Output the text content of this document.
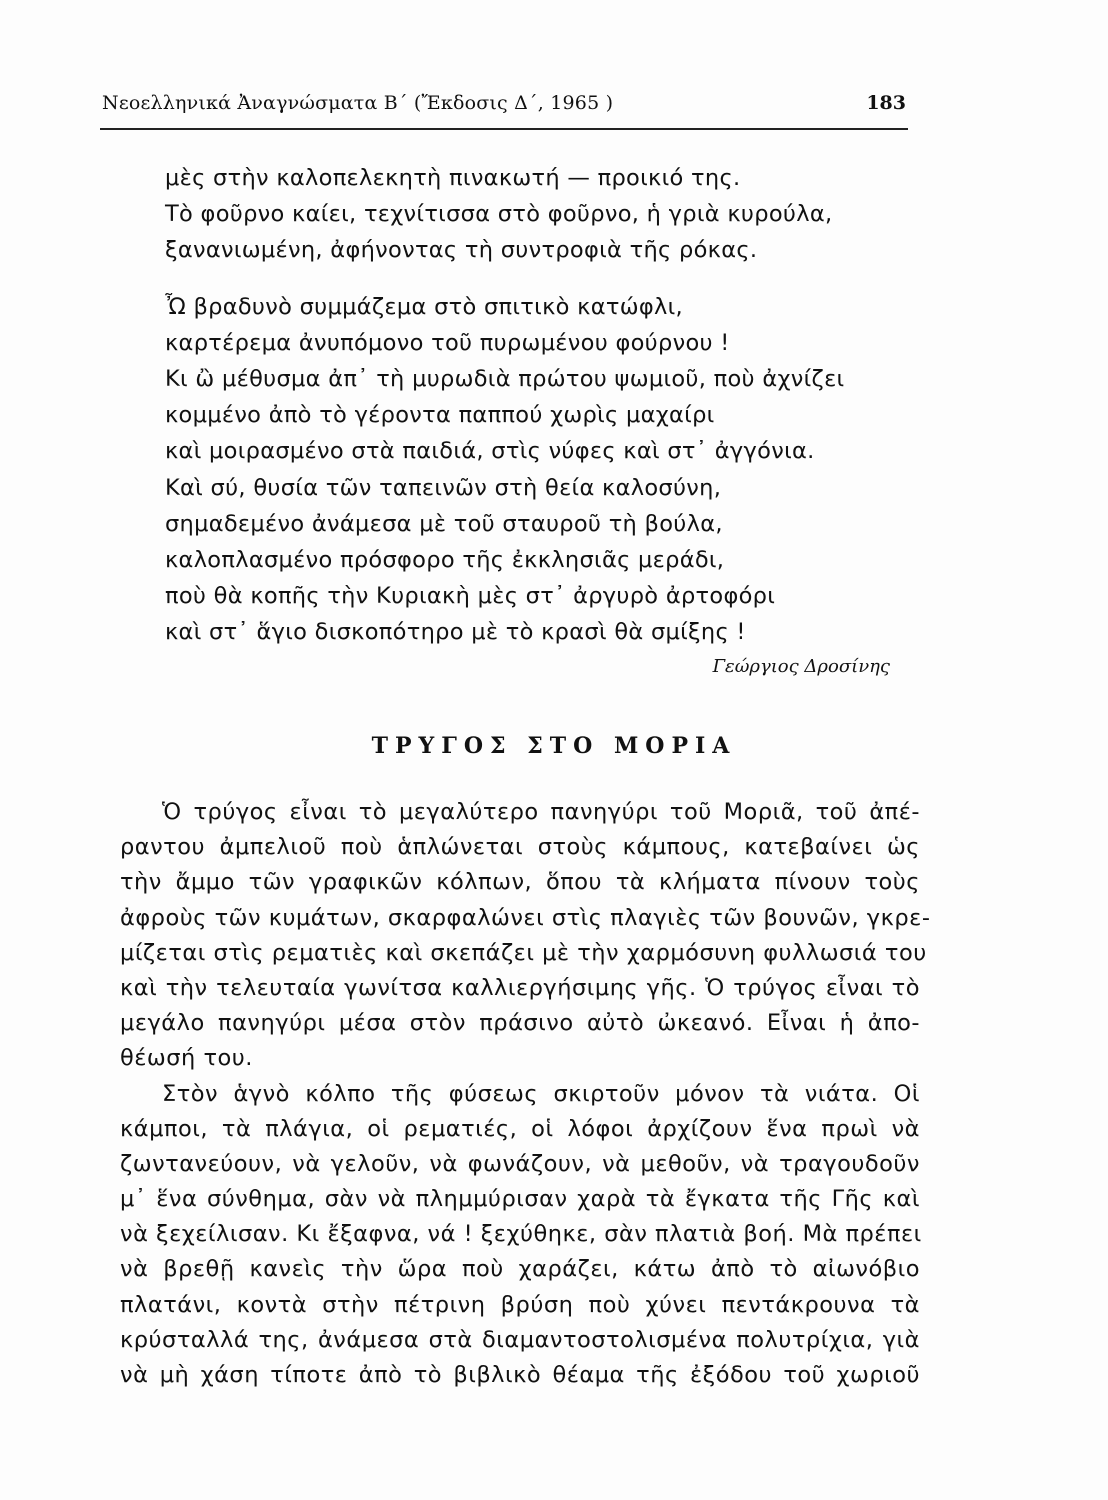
Νεοελληνικά Ἀναγνώσματα Β΄ (Ἔκδοσις Δ΄, 1965 )	183
μὲς στὴν καλοπελεκητὴ πινακωτή — προικιό της.
Τὸ φοῦρνο καίει, τεχνίτισσα στὸ φοῦρνο, ἡ γριὰ κυρούλα,
ξανανιωμένη, ἀφήνοντας τὴ συντροφιὰ τῆς ρόκας.
Ὦ βραδυνὸ συμμάζεμα στὸ σπιτικὸ κατώφλι,
καρτέρεμα ἀνυπόμονο τοῦ πυρωμένου φούρνου !
Κι ὢ μέθυσμα ἀπ᾿ τὴ μυρωδιὰ πρώτου ψωμιοῦ, ποὺ ἀχνίζει
κομμένο ἀπὸ τὸ γέροντα παππού χωρὶς μαχαίρι
καὶ μοιρασμένο στὰ παιδιά, στὶς νύφες καὶ στ᾿ ἀγγόνια.
Καὶ σύ, θυσία τῶν ταπεινῶν στὴ θεία καλοσύνη,
σημαδεμένο ἀνάμεσα μὲ τοῦ σταυροῦ τὴ βούλα,
καλοπλασμένο πρόσφορο τῆς ἐκκλησιᾶς μεράδι,
ποὺ θὰ κοπῆς τὴν Κυριακὴ μὲς στ᾿ ἀργυρὸ ἀρτοφόρι
καὶ στ᾿ ἅγιο δισκοπότηρο μὲ τὸ κρασὶ θὰ σμίξης !
Γεώργιος Δροσίνης
ΤΡΥΓΟΣ ΣΤΟ ΜΟΡΙΑ
Ὁ τρύγος εἶναι τὸ μεγαλύτερο πανηγύρι τοῦ Μοριᾶ, τοῦ ἀπέ-
ραντου ἀμπελιοῦ ποὺ ἁπλώνεται στοὺς κάμπους, κατεβαίνει ὡς
τὴν ἄμμο τῶν γραφικῶν κόλπων, ὅπου τὰ κλήματα πίνουν τοὺς
ἀφροὺς τῶν κυμάτων, σκαρφαλώνει στὶς πλαγιὲς τῶν βουνῶν, γκρε-
μίζεται στὶς ρεματιὲς καὶ σκεπάζει μὲ τὴν χαρμόσυνη φυλλωσιά του
καὶ τὴν τελευταία γωνίτσα καλλιεργήσιμης γῆς. Ὁ τρύγος εἶναι τὸ
μεγάλο πανηγύρι μέσα στὸν πράσινο αὐτὸ ὠκεανό. Εἶναι ἡ ἀπο-
θέωσή του.
Στὸν ἁγνὸ κόλπο τῆς φύσεως σκιρτοῦν μόνον τὰ νιάτα. Οἱ
κάμποι, τὰ πλάγια, οἱ ρεματιές, οἱ λόφοι ἀρχίζουν ἕνα πρωὶ νὰ
ζωντανεύουν, νὰ γελοῦν, νὰ φωνάζουν, νὰ μεθοῦν, νὰ τραγουδοῦν
μ᾿ ἕνα σύνθημα, σὰν νὰ πλημμύρισαν χαρὰ τὰ ἔγκατα τῆς Γῆς καὶ
νὰ ξεχείλισαν. Κι ἔξαφνα, νά ! ξεχύθηκε, σὰν πλατιὰ βοή. Μὰ πρέπει
νὰ βρεθῇ κανεὶς τὴν ὥρα ποὺ χαράζει, κάτω ἀπὸ τὸ αἰωνόβιο
πλατάνι, κοντὰ στὴν πέτρινη βρύση ποὺ χύνει πεντάκρουνα τὰ
κρύσταλλά της, ἀνάμεσα στὰ διαμαντοστολισμένα πολυτρίχια, γιὰ
νὰ μὴ χάση τίποτε ἀπὸ τὸ βιβλικὸ θέαμα τῆς ἐξόδου τοῦ χωριοῦ
